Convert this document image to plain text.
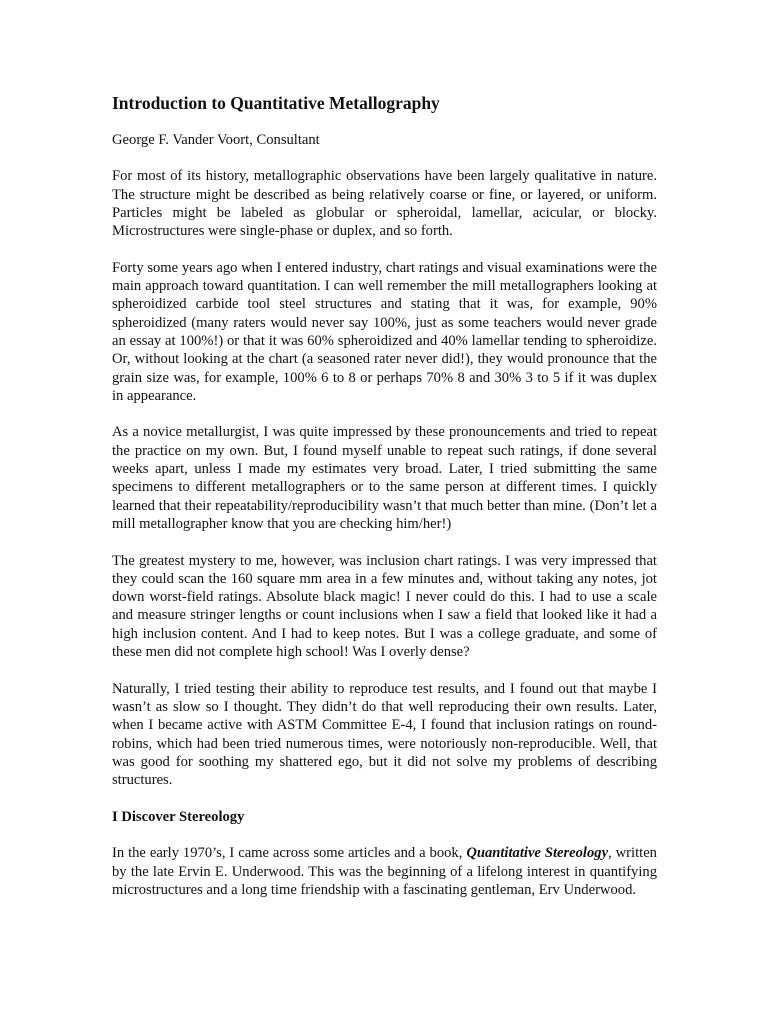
Introduction to Quantitative Metallography
George F. Vander Voort, Consultant

For most of its history, metallographic observations have been largely qualitative in nature. The structure might be described as being relatively coarse or fine, or layered, or uniform. Particles might be labeled as globular or spheroidal, lamellar, acicular, or blocky. Microstructures were single-phase or duplex, and so forth.

Forty some years ago when I entered industry, chart ratings and visual examinations were the main approach toward quantitation. I can well remember the mill metallographers looking at spheroidized carbide tool steel structures and stating that it was, for example, 90% spheroidized (many raters would never say 100%, just as some teachers would never grade an essay at 100%!) or that it was 60% spheroidized and 40% lamellar tending to spheroidize. Or, without looking at the chart (a seasoned rater never did!), they would pronounce that the grain size was, for example, 100% 6 to 8 or perhaps 70% 8 and 30% 3 to 5 if it was duplex in appearance.

As a novice metallurgist, I was quite impressed by these pronouncements and tried to repeat the practice on my own. But, I found myself unable to repeat such ratings, if done several weeks apart, unless I made my estimates very broad. Later, I tried submitting the same specimens to different metallographers or to the same person at different times. I quickly learned that their repeatability/reproducibility wasn’t that much better than mine. (Don’t let a mill metallographer know that you are checking him/her!)

The greatest mystery to me, however, was inclusion chart ratings. I was very impressed that they could scan the 160 square mm area in a few minutes and, without taking any notes, jot down worst-field ratings. Absolute black magic! I never could do this. I had to use a scale and measure stringer lengths or count inclusions when I saw a field that looked like it had a high inclusion content. And I had to keep notes. But I was a college graduate, and some of these men did not complete high school! Was I overly dense?

Naturally, I tried testing their ability to reproduce test results, and I found out that maybe I wasn’t as slow so I thought. They didn’t do that well reproducing their own results. Later, when I became active with ASTM Committee E-4, I found that inclusion ratings on round-robins, which had been tried numerous times, were notoriously non-reproducible. Well, that was good for soothing my shattered ego, but it did not solve my problems of describing structures.

I Discover Stereology

In the early 1970’s, I came across some articles and a book, Quantitative Stereology, written by the late Ervin E. Underwood. This was the beginning of a lifelong interest in quantifying microstructures and a long time friendship with a fascinating gentleman, Erv Underwood.
